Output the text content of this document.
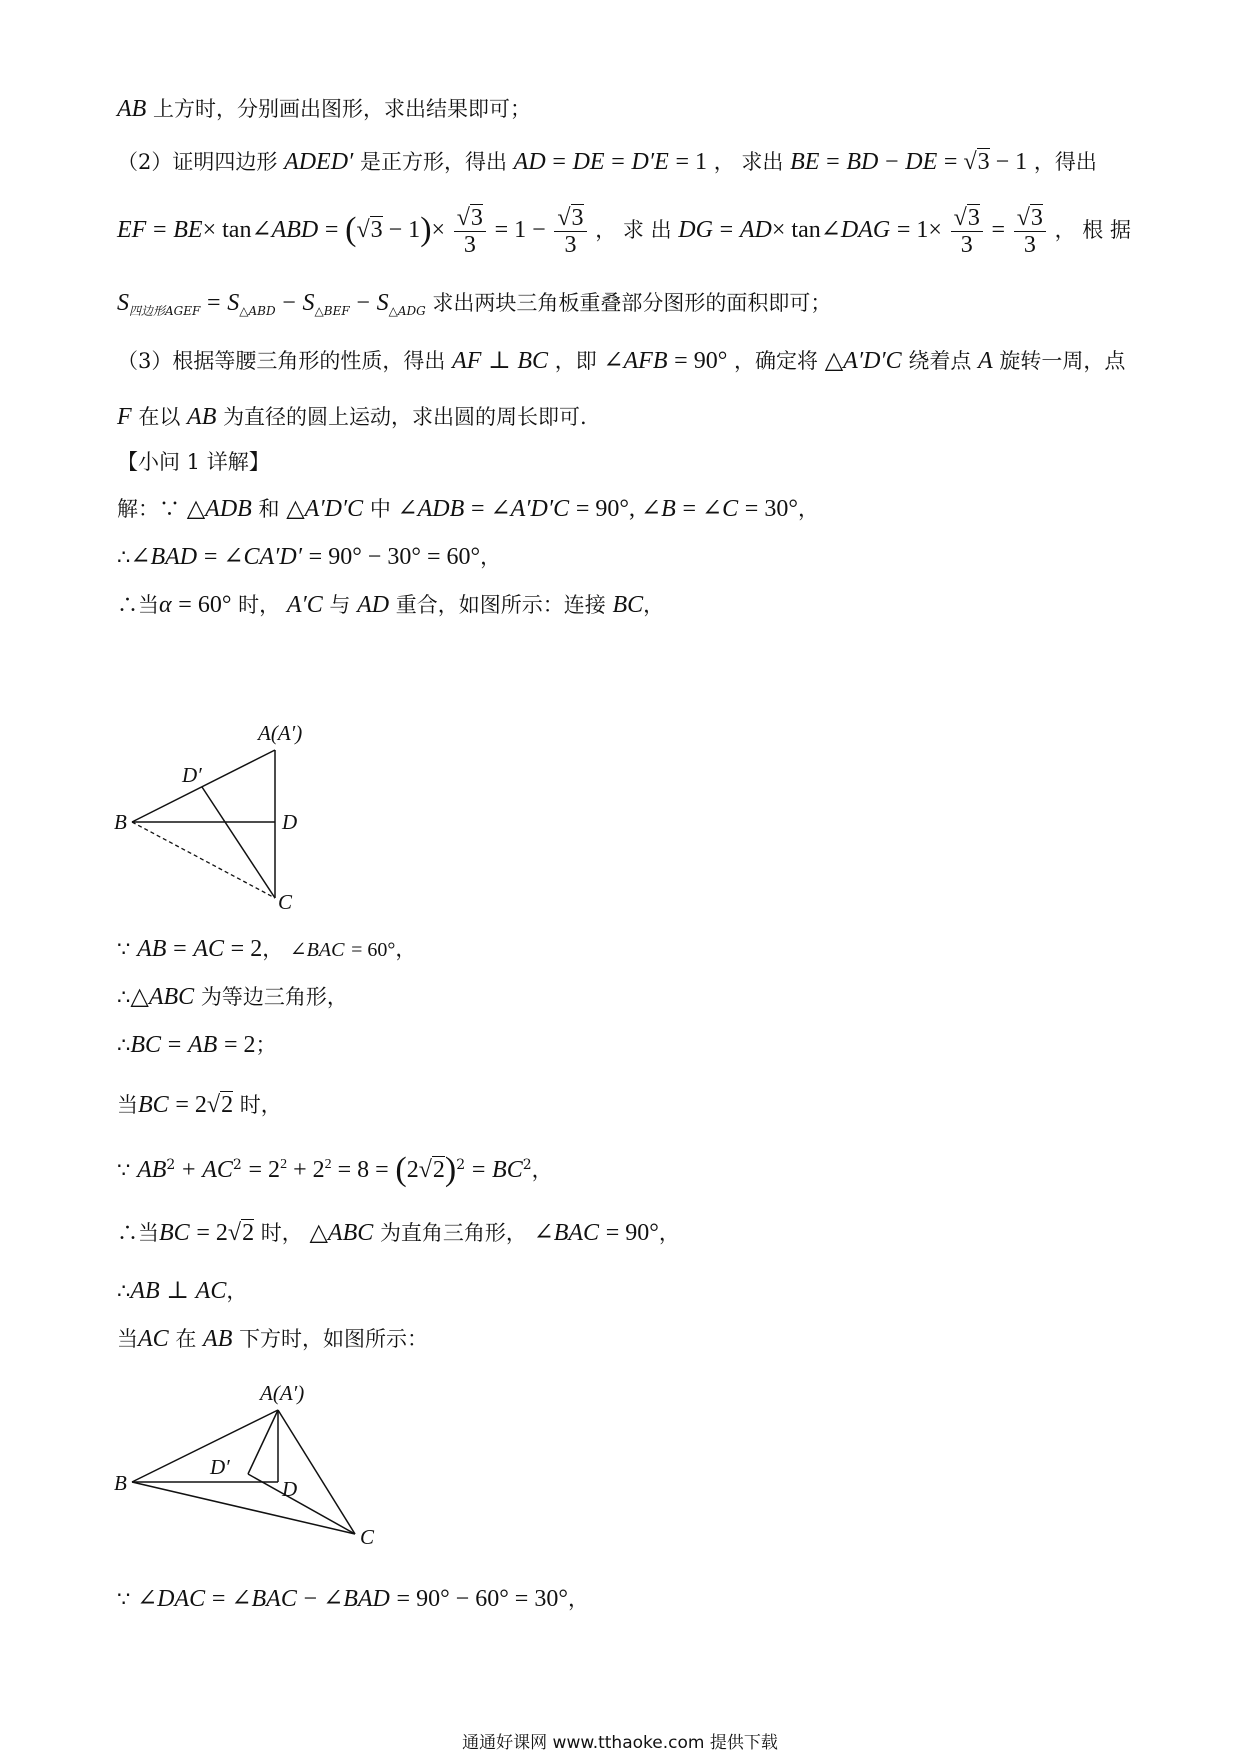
AB 上方时，分别画出图形，求出结果即可；
（2）证明四边形 ADED′ 是正方形，得出 AD = DE = D′E = 1 ， 求出 BE = BD − DE = √3 − 1 ，得出
EF = BE× tan∠ABD = $(√3 - 1)\times \frac{√3}{3} = 1 - \frac{√3}{3}$ ， 求 出 DG = AD× tan∠DAG = $1\times \frac{√3}{3} = \frac{√3}{3}$ ， 根 据
$S_{四边形AGEF} = S_{\triangle ABD} - S_{\triangle BEF} - S_{\triangle ADG}$ 求出两块三角板重叠部分图形的面积即可；
（3）根据等腰三角形的性质，得出 AF ⊥ BC ，即 ∠AFB = 90° ，确定将 △A′D′C 绕着点 A 旋转一周，点
F 在以 AB 为直径的圆上运动，求出圆的周长即可.
【小问 1 详解】
解：∵ △ADB 和 △A′D′C 中 ∠ADB = ∠A′D′C = 90°, ∠B = ∠C = 30°，
∴∠BAD = ∠CA′D′ = 90° − 30° = 60°，
∴当α = 60° 时， A′C 与 AD 重合，如图所示：连接 BC，
A(A′)
D′
B	D
C
∵ AB = AC = 2， ∠BAC = 60°，
∴△ABC 为等边三角形，
∴BC = AB = 2；
当BC = 2√2 时，
∵ $AB^2 + AC^2 = 2^2 + 2^2 = 8 = (2√2)^2 = BC^2$，
∴当BC = 2√2 时， △ABC 为直角三角形， ∠BAC = 90°，
∴AB ⊥ AC，
当AC 在 AB 下方时，如图所示：
A(A′)
D′
B	D
C
∵ ∠DAC = ∠BAC − ∠BAD = 90° − 60° = 30°，
通通好课网 www.tthaoke.com 提供下载
